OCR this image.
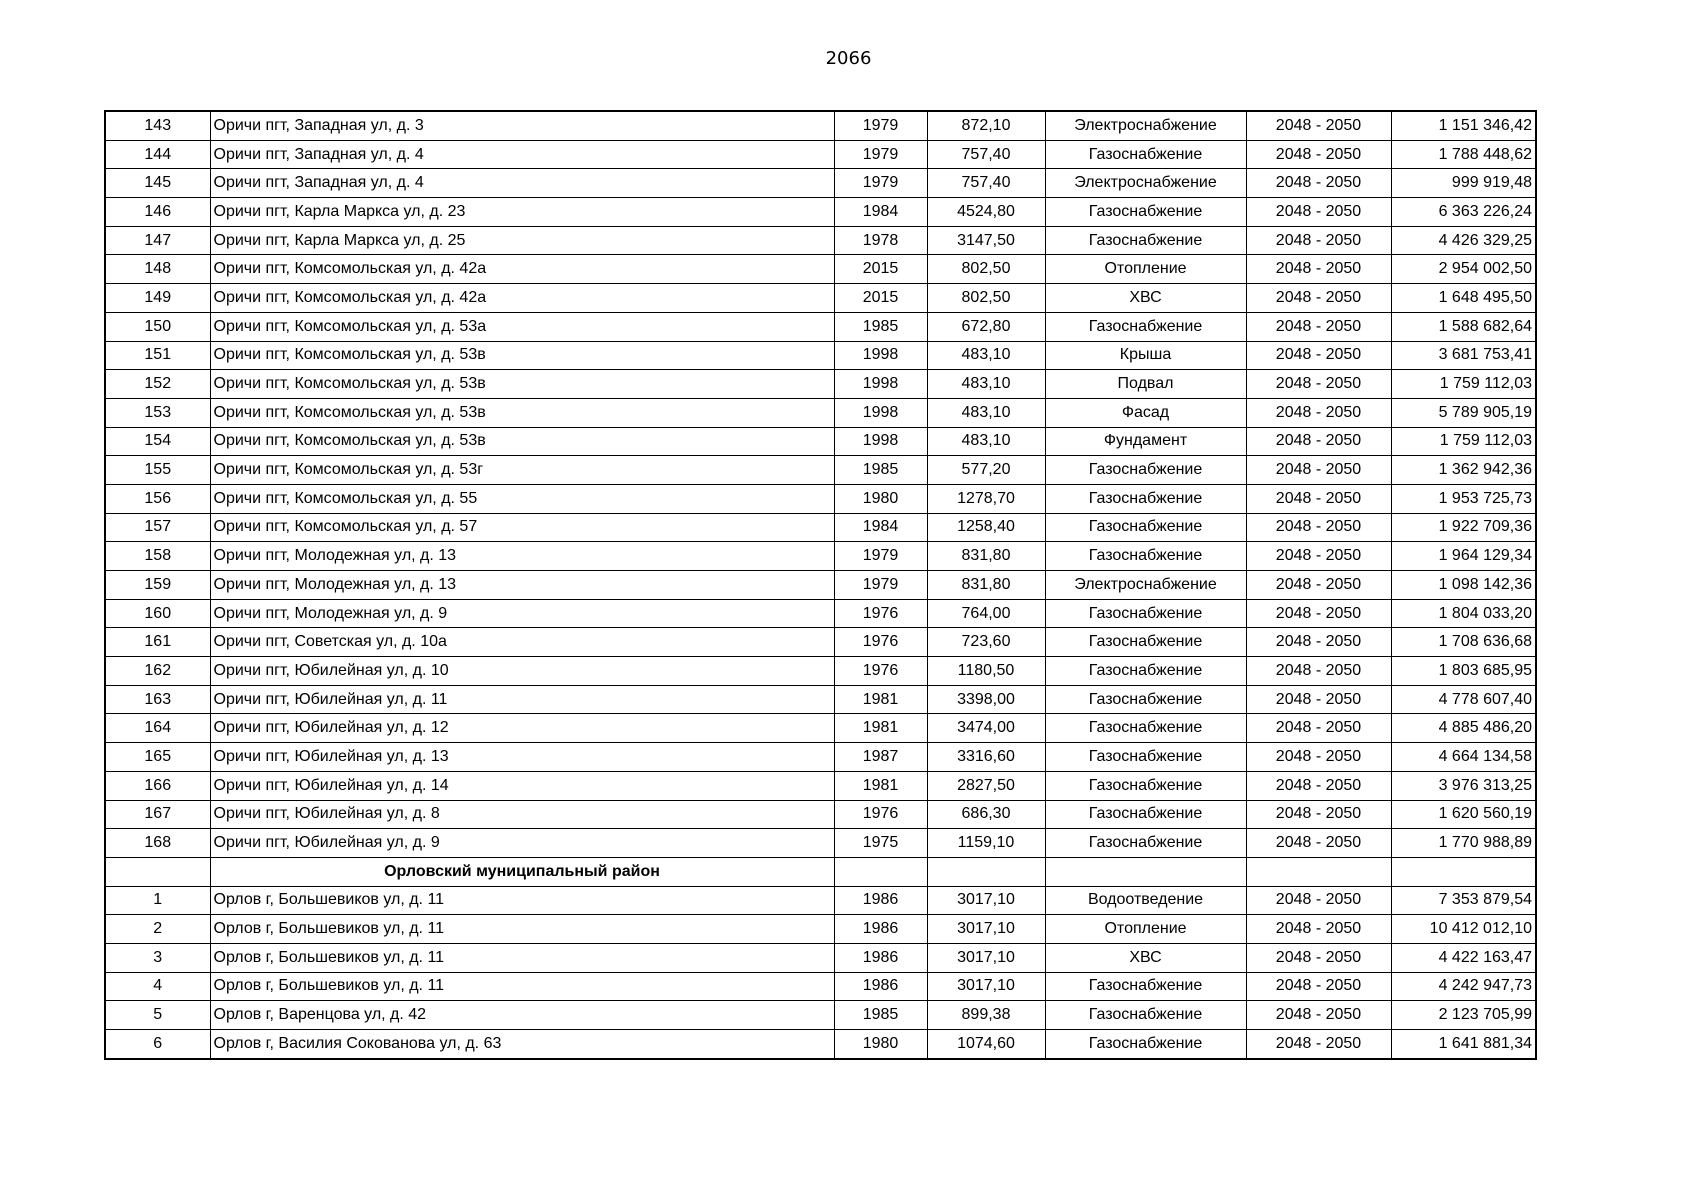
2066
143	Оричи пгт, Западная ул, д. 3	1979	872,10	Электроснабжение	2048 - 2050	1 151 346,42
144	Оричи пгт, Западная ул, д. 4	1979	757,40	Газоснабжение	2048 - 2050	1 788 448,62
145	Оричи пгт, Западная ул, д. 4	1979	757,40	Электроснабжение	2048 - 2050	999 919,48
146	Оричи пгт, Карла Маркса ул, д. 23	1984	4524,80	Газоснабжение	2048 - 2050	6 363 226,24
147	Оричи пгт, Карла Маркса ул, д. 25	1978	3147,50	Газоснабжение	2048 - 2050	4 426 329,25
148	Оричи пгт, Комсомольская ул, д. 42а	2015	802,50	Отопление	2048 - 2050	2 954 002,50
149	Оричи пгт, Комсомольская ул, д. 42а	2015	802,50	ХВС	2048 - 2050	1 648 495,50
150	Оричи пгт, Комсомольская ул, д. 53а	1985	672,80	Газоснабжение	2048 - 2050	1 588 682,64
151	Оричи пгт, Комсомольская ул, д. 53в	1998	483,10	Крыша	2048 - 2050	3 681 753,41
152	Оричи пгт, Комсомольская ул, д. 53в	1998	483,10	Подвал	2048 - 2050	1 759 112,03
153	Оричи пгт, Комсомольская ул, д. 53в	1998	483,10	Фасад	2048 - 2050	5 789 905,19
154	Оричи пгт, Комсомольская ул, д. 53в	1998	483,10	Фундамент	2048 - 2050	1 759 112,03
155	Оричи пгт, Комсомольская ул, д. 53г	1985	577,20	Газоснабжение	2048 - 2050	1 362 942,36
156	Оричи пгт, Комсомольская ул, д. 55	1980	1278,70	Газоснабжение	2048 - 2050	1 953 725,73
157	Оричи пгт, Комсомольская ул, д. 57	1984	1258,40	Газоснабжение	2048 - 2050	1 922 709,36
158	Оричи пгт, Молодежная ул, д. 13	1979	831,80	Газоснабжение	2048 - 2050	1 964 129,34
159	Оричи пгт, Молодежная ул, д. 13	1979	831,80	Электроснабжение	2048 - 2050	1 098 142,36
160	Оричи пгт, Молодежная ул, д. 9	1976	764,00	Газоснабжение	2048 - 2050	1 804 033,20
161	Оричи пгт, Советская ул, д. 10а	1976	723,60	Газоснабжение	2048 - 2050	1 708 636,68
162	Оричи пгт, Юбилейная ул, д. 10	1976	1180,50	Газоснабжение	2048 - 2050	1 803 685,95
163	Оричи пгт, Юбилейная ул, д. 11	1981	3398,00	Газоснабжение	2048 - 2050	4 778 607,40
164	Оричи пгт, Юбилейная ул, д. 12	1981	3474,00	Газоснабжение	2048 - 2050	4 885 486,20
165	Оричи пгт, Юбилейная ул, д. 13	1987	3316,60	Газоснабжение	2048 - 2050	4 664 134,58
166	Оричи пгт, Юбилейная ул, д. 14	1981	2827,50	Газоснабжение	2048 - 2050	3 976 313,25
167	Оричи пгт, Юбилейная ул, д. 8	1976	686,30	Газоснабжение	2048 - 2050	1 620 560,19
168	Оричи пгт, Юбилейная ул, д. 9	1975	1159,10	Газоснабжение	2048 - 2050	1 770 988,89
	Орловский муниципальный район					
1	Орлов г, Большевиков ул, д. 11	1986	3017,10	Водоотведение	2048 - 2050	7 353 879,54
2	Орлов г, Большевиков ул, д. 11	1986	3017,10	Отопление	2048 - 2050	10 412 012,10
3	Орлов г, Большевиков ул, д. 11	1986	3017,10	ХВС	2048 - 2050	4 422 163,47
4	Орлов г, Большевиков ул, д. 11	1986	3017,10	Газоснабжение	2048 - 2050	4 242 947,73
5	Орлов г, Варенцова ул, д. 42	1985	899,38	Газоснабжение	2048 - 2050	2 123 705,99
6	Орлов г, Василия Сокованова ул, д. 63	1980	1074,60	Газоснабжение	2048 - 2050	1 641 881,34
